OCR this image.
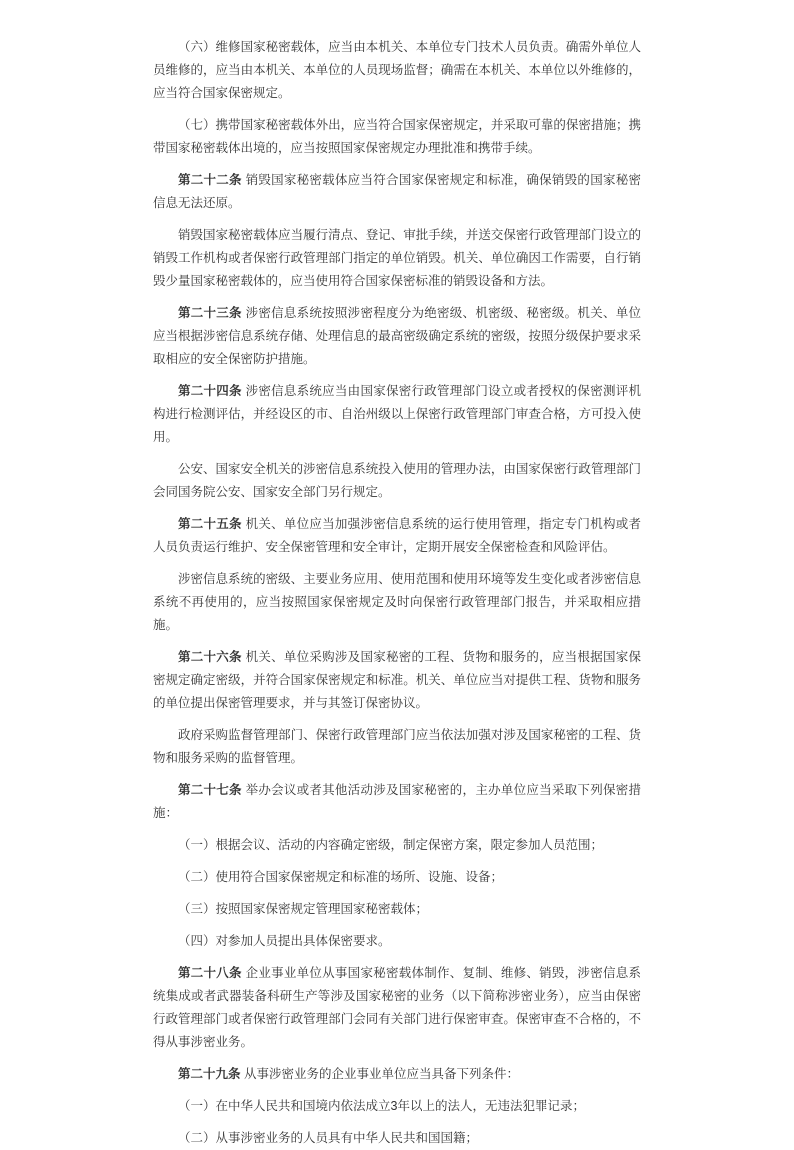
（六）维修国家秘密载体，应当由本机关、本单位专门技术人员负责。确需外单位人员维修的，应当由本机关、本单位的人员现场监督；确需在本机关、本单位以外维修的，应当符合国家保密规定。

（七）携带国家秘密载体外出，应当符合国家保密规定，并采取可靠的保密措施；携带国家秘密载体出境的，应当按照国家保密规定办理批准和携带手续。

第二十二条 销毁国家秘密载体应当符合国家保密规定和标准，确保销毁的国家秘密信息无法还原。

销毁国家秘密载体应当履行清点、登记、审批手续，并送交保密行政管理部门设立的销毁工作机构或者保密行政管理部门指定的单位销毁。机关、单位确因工作需要，自行销毁少量国家秘密载体的，应当使用符合国家保密标准的销毁设备和方法。

第二十三条 涉密信息系统按照涉密程度分为绝密级、机密级、秘密级。机关、单位应当根据涉密信息系统存储、处理信息的最高密级确定系统的密级，按照分级保护要求采取相应的安全保密防护措施。

第二十四条 涉密信息系统应当由国家保密行政管理部门设立或者授权的保密测评机构进行检测评估，并经设区的市、自治州级以上保密行政管理部门审查合格，方可投入使用。

公安、国家安全机关的涉密信息系统投入使用的管理办法，由国家保密行政管理部门会同国务院公安、国家安全部门另行规定。

第二十五条 机关、单位应当加强涉密信息系统的运行使用管理，指定专门机构或者人员负责运行维护、安全保密管理和安全审计，定期开展安全保密检查和风险评估。

涉密信息系统的密级、主要业务应用、使用范围和使用环境等发生变化或者涉密信息系统不再使用的，应当按照国家保密规定及时向保密行政管理部门报告，并采取相应措施。

第二十六条 机关、单位采购涉及国家秘密的工程、货物和服务的，应当根据国家保密规定确定密级，并符合国家保密规定和标准。机关、单位应当对提供工程、货物和服务的单位提出保密管理要求，并与其签订保密协议。

政府采购监督管理部门、保密行政管理部门应当依法加强对涉及国家秘密的工程、货物和服务采购的监督管理。

第二十七条 举办会议或者其他活动涉及国家秘密的，主办单位应当采取下列保密措施：

（一）根据会议、活动的内容确定密级，制定保密方案，限定参加人员范围；

（二）使用符合国家保密规定和标准的场所、设施、设备；

（三）按照国家保密规定管理国家秘密载体；

（四）对参加人员提出具体保密要求。

第二十八条 企业事业单位从事国家秘密载体制作、复制、维修、销毁，涉密信息系统集成或者武器装备科研生产等涉及国家秘密的业务（以下简称涉密业务），应当由保密行政管理部门或者保密行政管理部门会同有关部门进行保密审查。保密审查不合格的，不得从事涉密业务。

第二十九条 从事涉密业务的企业事业单位应当具备下列条件：

（一）在中华人民共和国境内依法成立3年以上的法人，无违法犯罪记录；

（二）从事涉密业务的人员具有中华人民共和国国籍；
